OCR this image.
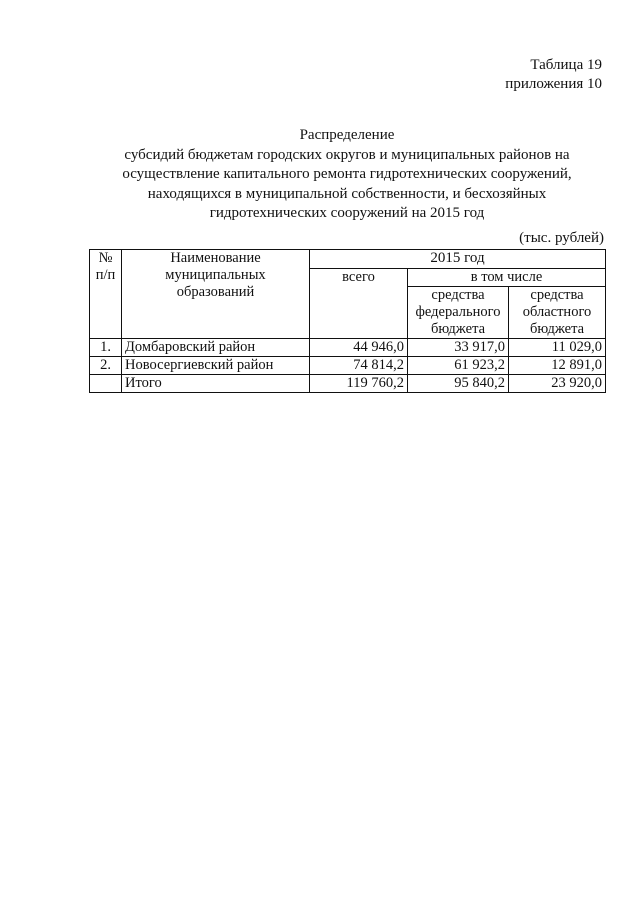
Таблица 19
приложения 10
Распределение
субсидий бюджетам городских округов и муниципальных районов на
осуществление капитального ремонта гидротехнических сооружений,
находящихся в муниципальной собственности, и бесхозяйных
гидротехнических сооружений на 2015 год
(тыс. рублей)
№ п/п	Наименование муниципальных образований	2015 год		
		всего	в том числе	
			средства федерального бюджета	средства областного бюджета
1.	Домбаровский район	44 946,0	33 917,0	11 029,0
2.	Новосергиевский район	74 814,2	61 923,2	12 891,0
	Итого	119 760,2	95 840,2	23 920,0
